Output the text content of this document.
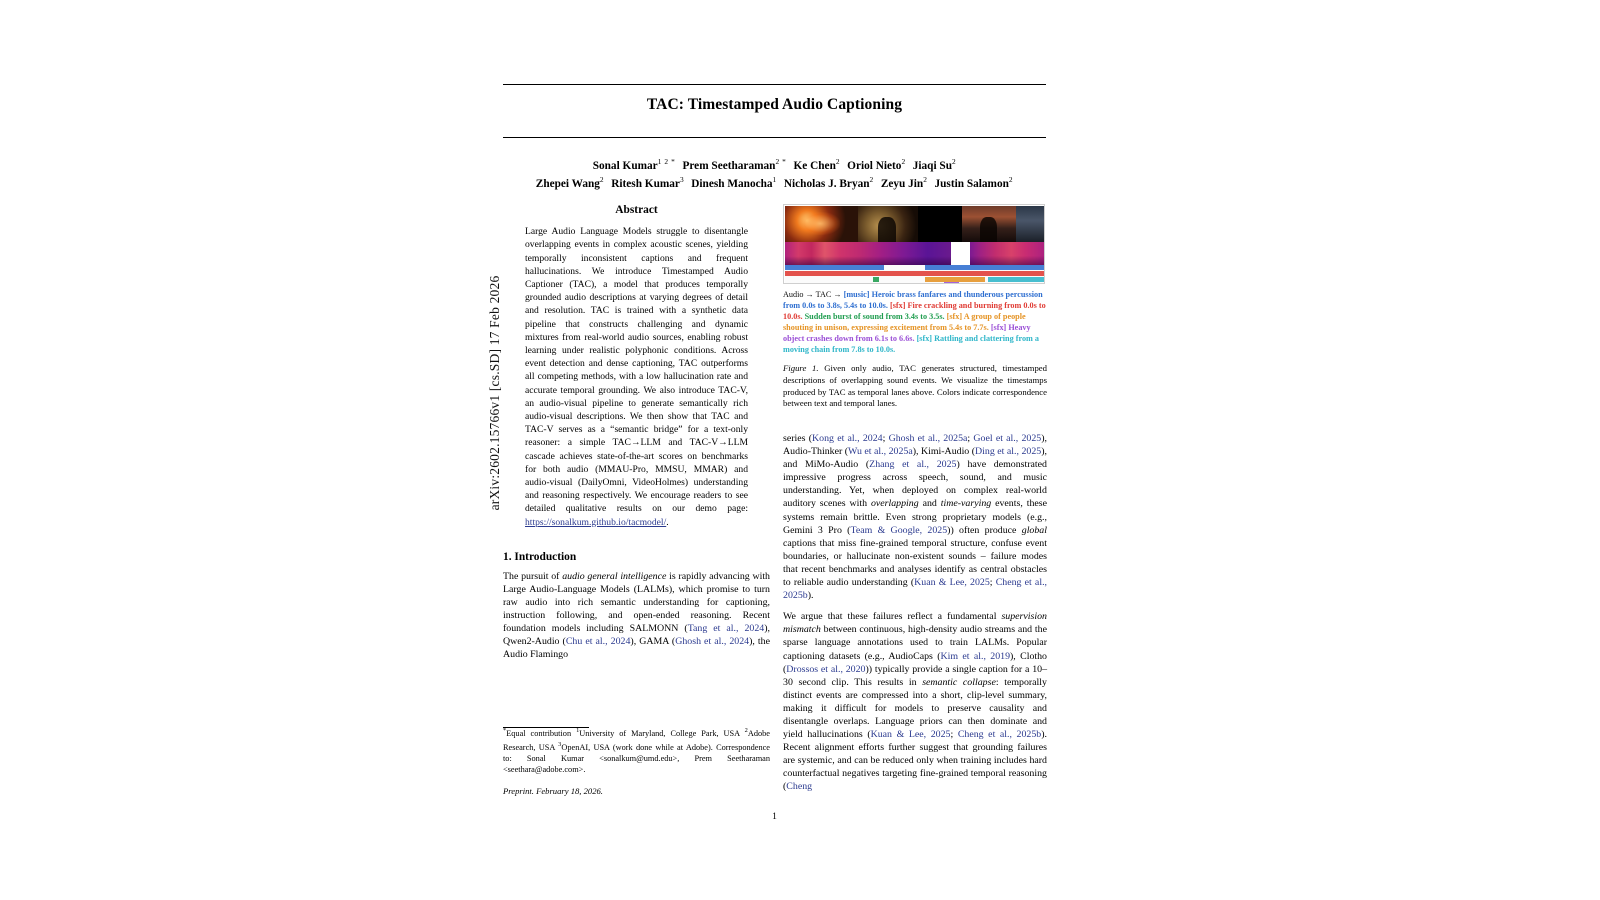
arXiv:2602.15766v1 [cs.SD] 17 Feb 2026
TAC: Timestamped Audio Captioning
Sonal Kumar$^{1 2 *}$ Prem Seetharaman$^{2 *}$ Ke Chen$^2$ Oriol Nieto$^2$ Jiaqi Su$^2$
Zhepei Wang$^2$ Ritesh Kumar$^3$ Dinesh Manocha$^1$ Nicholas J. Bryan$^2$ Zeyu Jin$^2$ Justin Salamon$^2$
Abstract
Large Audio Language Models struggle to disentangle overlapping events in complex acoustic scenes, yielding temporally inconsistent captions and frequent hallucinations. We introduce Timestamped Audio Captioner (TAC), a model that produces temporally grounded audio descriptions at varying degrees of detail and resolution. TAC is trained with a synthetic data pipeline that constructs challenging and dynamic mixtures from real-world audio sources, enabling robust learning under realistic polyphonic conditions. Across event detection and dense captioning, TAC outperforms all competing methods, with a low hallucination rate and accurate temporal grounding. We also introduce TAC-V, an audio-visual pipeline to generate semantically rich audio-visual descriptions. We then show that TAC and TAC-V serves as a “semantic bridge” for a text-only reasoner: a simple TAC→LLM and TAC-V→LLM cascade achieves state-of-the-art scores on benchmarks for both audio (MMAU-Pro, MMSU, MMAR) and audio-visual (DailyOmni, VideoHolmes) understanding and reasoning respectively. We encourage readers to see detailed qualitative results on our demo page: https://sonalkum.github.io/tacmodel/.
1. Introduction

The pursuit of audio general intelligence is rapidly advancing with Large Audio-Language Models (LALMs), which promise to turn raw audio into rich semantic understanding for captioning, instruction following, and open-ended reasoning. Recent foundation models including SALMONN (Tang et al., 2024), Qwen2-Audio (Chu et al., 2024), GAMA (Ghosh et al., 2024), the Audio Flamingo

*Equal contribution $^1$University of Maryland, College Park, USA $^2$Adobe Research, USA $^3$OpenAI, USA (work done while at Adobe). Correspondence to: Sonal Kumar <sonalkum@umd.edu>, Prem Seetharaman <seethara@adobe.com>.
Preprint. February 18, 2026.
1
Audio → TAC → [music] Heroic brass fanfares and thunderous percussion from 0.0s to 3.8s, 5.4s to 10.0s. [sfx] Fire crackling and burning from 0.0s to 10.0s. Sudden burst of sound from 3.4s to 3.5s. [sfx] A group of people shouting in unison, expressing excitement from 5.4s to 7.7s. [sfx] Heavy object crashes down from 6.1s to 6.6s. [sfx] Rattling and clattering from a moving chain from 7.8s to 10.0s.
Figure 1. Given only audio, TAC generates structured, timestamped descriptions of overlapping sound events. We visualize the timestamps produced by TAC as temporal lanes above. Colors indicate correspondence between text and temporal lanes.

series (Kong et al., 2024; Ghosh et al., 2025a; Goel et al., 2025), Audio-Thinker (Wu et al., 2025a), Kimi-Audio (Ding et al., 2025), and MiMo-Audio (Zhang et al., 2025) have demonstrated impressive progress across speech, sound, and music understanding. Yet, when deployed on complex real-world auditory scenes with overlapping and time-varying events, these systems remain brittle. Even strong proprietary models (e.g., Gemini 3 Pro (Team & Google, 2025)) often produce global captions that miss fine-grained temporal structure, confuse event boundaries, or hallucinate non-existent sounds – failure modes that recent benchmarks and analyses identify as central obstacles to reliable audio understanding (Kuan & Lee, 2025; Cheng et al., 2025b).

We argue that these failures reflect a fundamental supervision mismatch between continuous, high-density audio streams and the sparse language annotations used to train LALMs. Popular captioning datasets (e.g., AudioCaps (Kim et al., 2019), Clotho (Drossos et al., 2020)) typically provide a single caption for a 10–30 second clip. This results in semantic collapse: temporally distinct events are compressed into a short, clip-level summary, making it difficult for models to preserve causality and disentangle overlaps. Language priors can then dominate and yield hallucinations (Kuan & Lee, 2025; Cheng et al., 2025b). Recent alignment efforts further suggest that grounding failures are systemic, and can be reduced only when training includes hard counterfactual negatives targeting fine-grained temporal reasoning (Cheng
